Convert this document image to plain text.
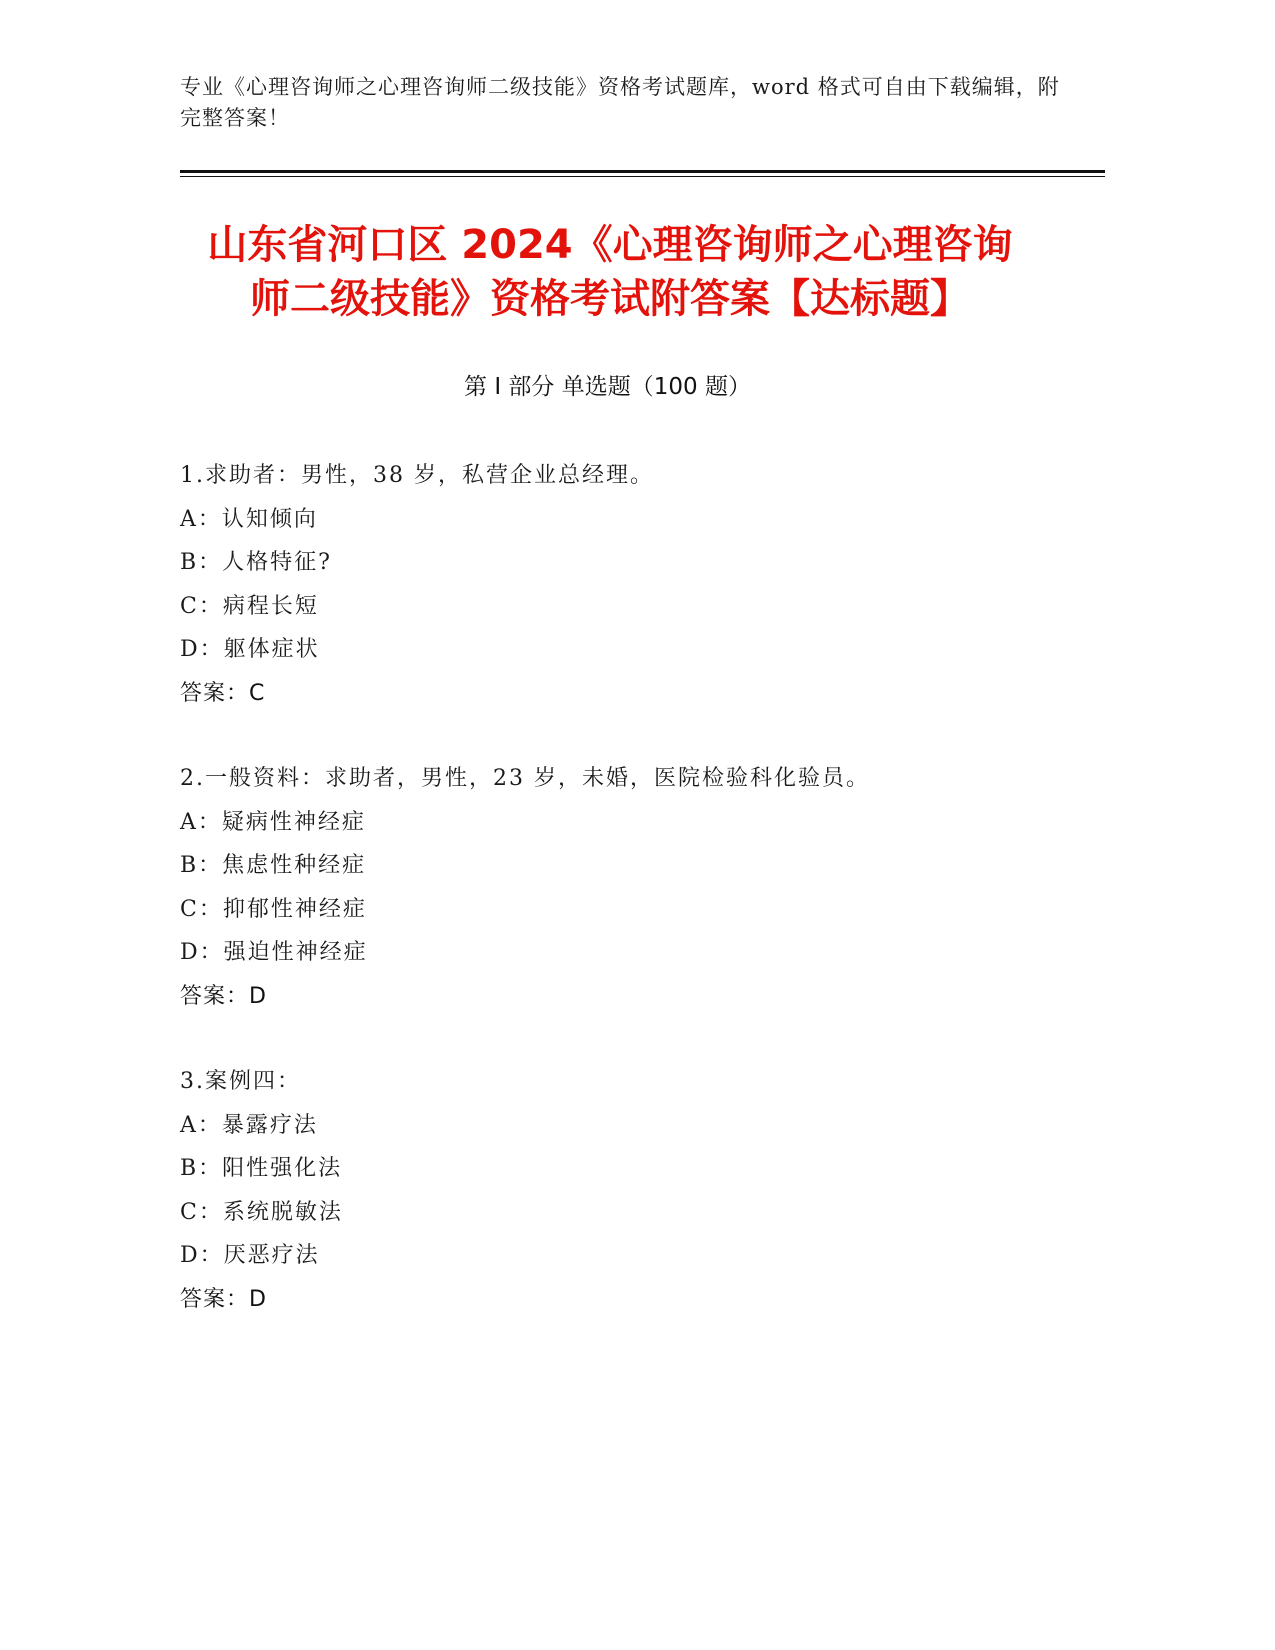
专业《心理咨询师之心理咨询师二级技能》资格考试题库，word 格式可自由下载编辑，附完整答案！
山东省河口区 2024《心理咨询师之心理咨询
师二级技能》资格考试附答案【达标题】
第 I 部分 单选题（100 题）
1.求助者：男性，38 岁，私营企业总经理。
A：认知倾向
B：人格特征?
C：病程长短
D：躯体症状
答案：C
2.一般资料：求助者，男性，23 岁，未婚，医院检验科化验员。
A：疑病性神经症
B：焦虑性种经症
C：抑郁性神经症
D：强迫性神经症
答案：D
3.案例四：
A：暴露疗法
B：阳性强化法
C：系统脱敏法
D：厌恶疗法
答案：D
